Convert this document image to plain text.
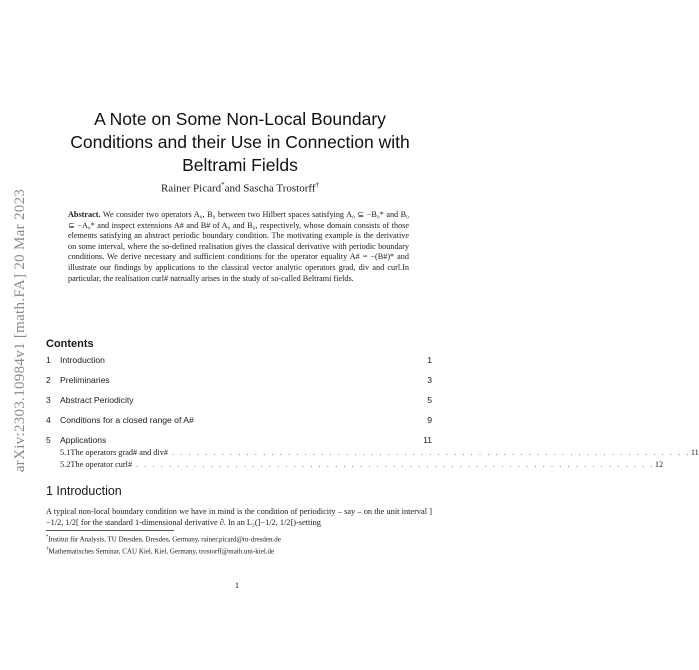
arXiv:2303.10984v1 [math.FA] 20 Mar 2023
A Note on Some Non-Local Boundary Conditions and their Use in Connection with Beltrami Fields
Rainer Picard*and Sascha Trostorff†
Abstract. We consider two operators A₀, B₀ between two Hilbert spaces satisfying A₀ ⊆ −B₀* and B₀ ⊆ −A₀* and inspect extensions A# and B# of A₀ and B₀, respectively, whose domain consists of those elements satisfying an abstract periodic boundary condition. The motivating example is the derivative on some interval, where the so-defined realisation gives the classical derivative with periodic boundary conditions. We derive necessary and sufficient conditions for the operator equality A# = −(B#)* and illustrate our findings by applications to the classical vector analytic operators grad, div and curl.In particular, the realisation curl# natrually arises in the study of so-called Beltrami fields.
Contents
1	Introduction	1
2	Preliminaries	3
3	Abstract Periodicity	5
4	Conditions for a closed range of A#	9
5	Applications	11
5.1 The operators grad# and div# . . . . . . . . . . . . . . . . . . . . . . . . . . . . . . . . . . . . . . . . . . . . . . . . . . . . . . . . . . . . . . . 11
5.2 The operator curl# . . . . . . . . . . . . . . . . . . . . . . . . . . . . . . . . . . . . . . . . . . . . . . . . . . . . . . . . . . . . . . . 12
1 Introduction
A typical non-local boundary condition we have in mind is the condition of periodicity – say – on the unit interval ]−1/2, 1/2[ for the standard 1-dimensional derivative ∂. In an L₂(]−1/2, 1/2[)-setting
*Institut für Analysis, TU Dresden, Dresden, Germany, rainer.picard@tu-dresden.de
†Mathematisches Seminar, CAU Kiel, Kiel, Germany, trostorff@math.uni-kiel.de
1
